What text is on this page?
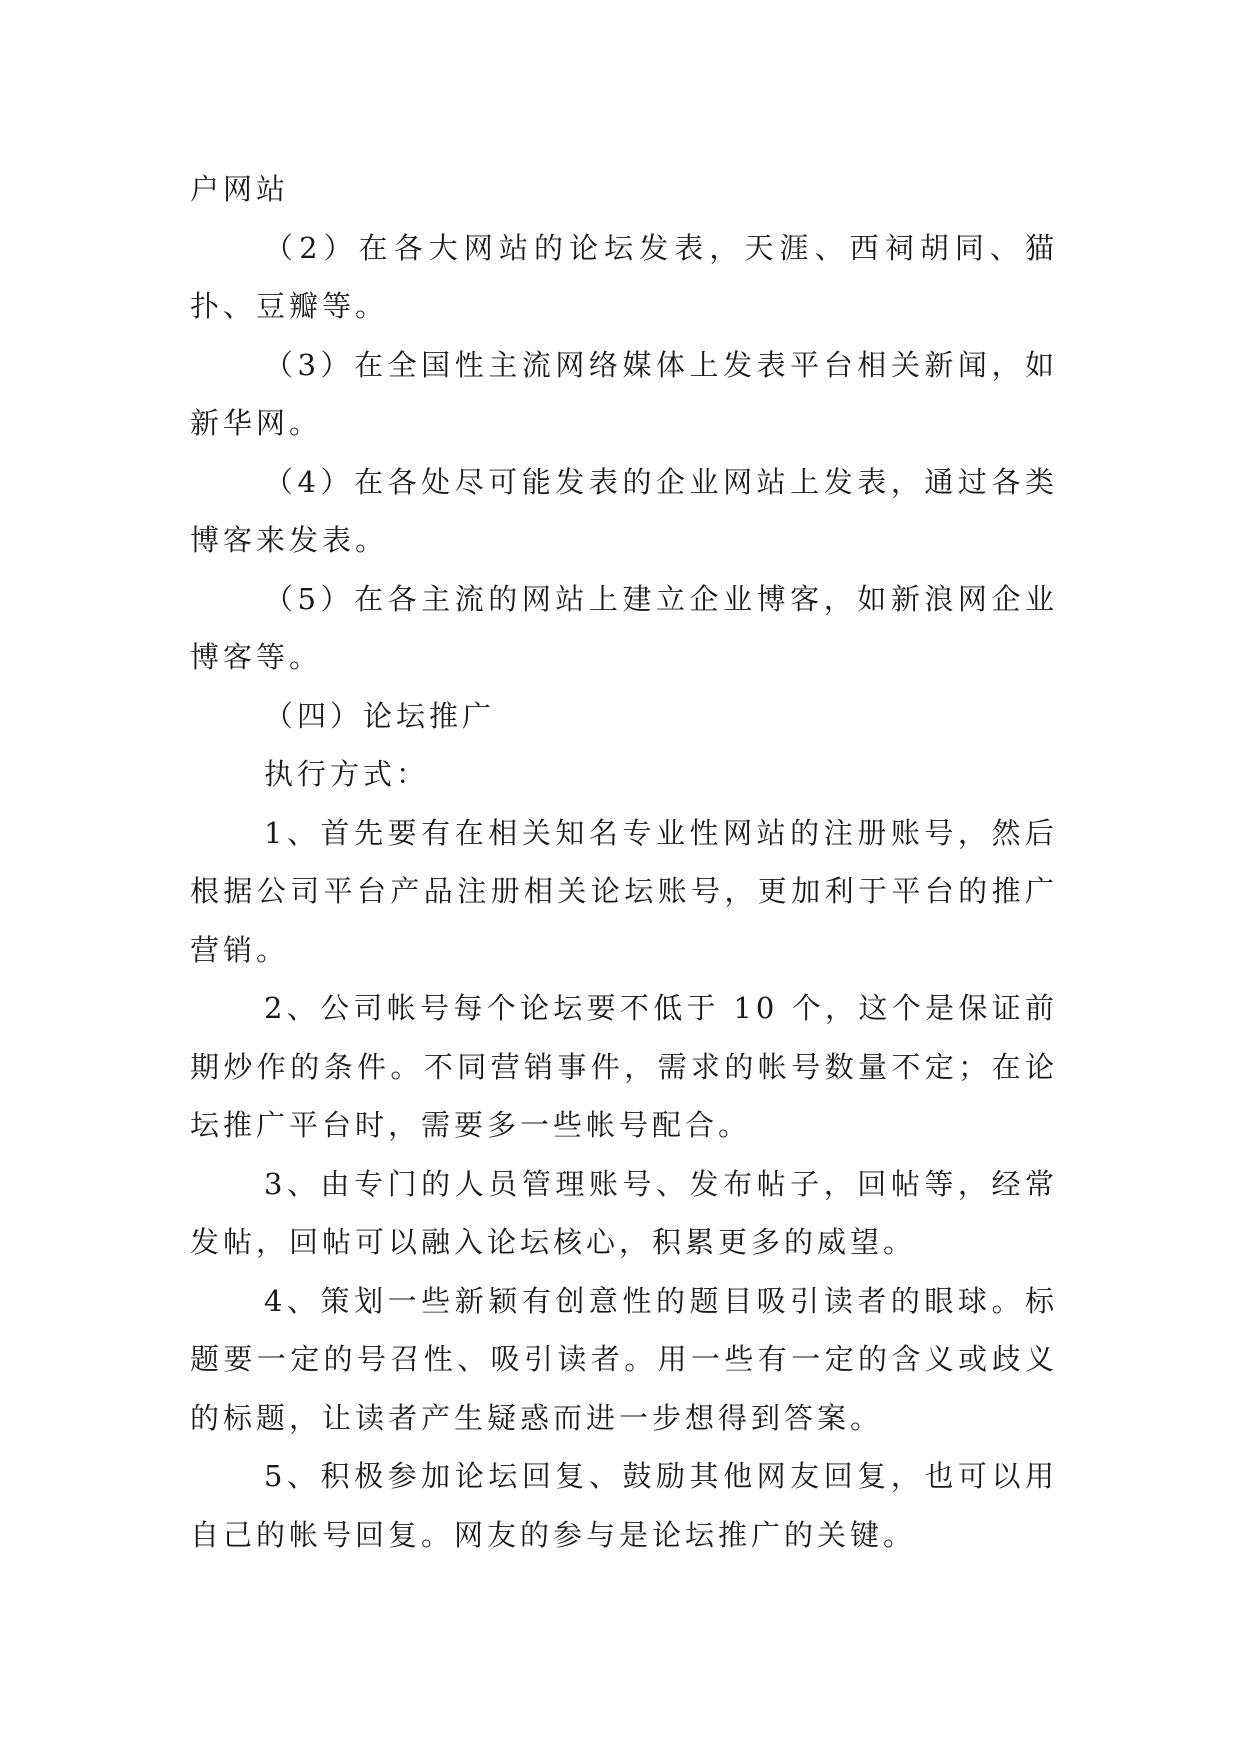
户网站

（2）在各大网站的论坛发表，天涯、西祠胡同、猫扑、豆瓣等。

（3）在全国性主流网络媒体上发表平台相关新闻，如新华网。

（4）在各处尽可能发表的企业网站上发表，通过各类博客来发表。

（5）在各主流的网站上建立企业博客，如新浪网企业博客等。

（四）论坛推广

执行方式：

1、首先要有在相关知名专业性网站的注册账号，然后根据公司平台产品注册相关论坛账号，更加利于平台的推广营销。

2、公司帐号每个论坛要不低于 10 个，这个是保证前期炒作的条件。不同营销事件，需求的帐号数量不定；在论坛推广平台时，需要多一些帐号配合。

3、由专门的人员管理账号、发布帖子，回帖等，经常发帖，回帖可以融入论坛核心，积累更多的威望。

4、策划一些新颖有创意性的题目吸引读者的眼球。标题要一定的号召性、吸引读者。用一些有一定的含义或歧义的标题，让读者产生疑惑而进一步想得到答案。

5、积极参加论坛回复、鼓励其他网友回复，也可以用自己的帐号回复。网友的参与是论坛推广的关键。
